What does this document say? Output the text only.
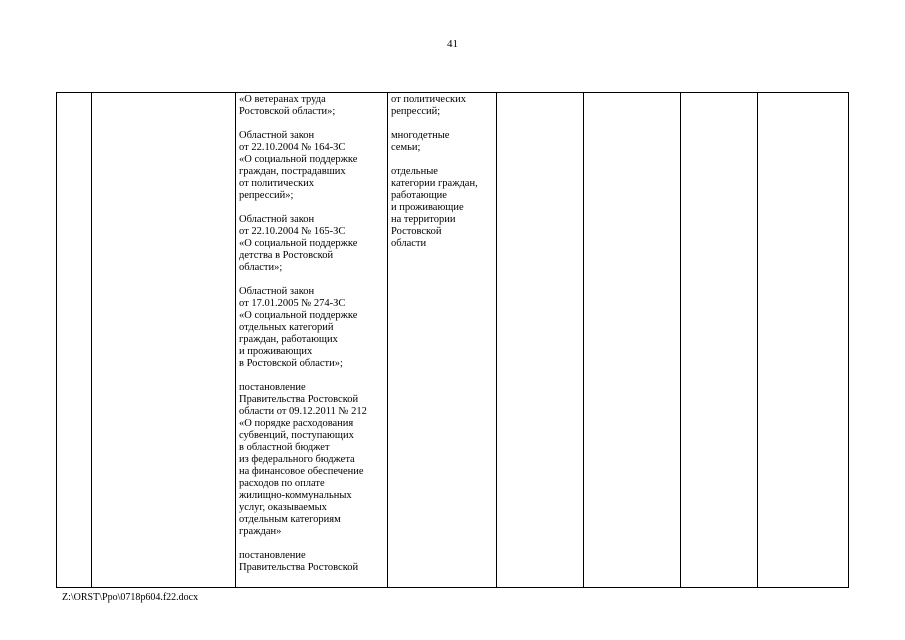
41
		«О ветеранах труда
Ростовской области»;

Областной закон
от 22.10.2004 № 164-ЗС
«О социальной поддержке
граждан, пострадавших
от политических
репрессий»;

Областной закон
от 22.10.2004 № 165-ЗС
«О социальной поддержке
детства в Ростовской
области»;

Областной закон
от 17.01.2005 № 274-ЗС
«О социальной поддержке
отдельных категорий
граждан, работающих
и проживающих
в Ростовской области»;

постановление
Правительства Ростовской
области от 09.12.2011 № 212
«О порядке расходования
субвенций, поступающих
в областной бюджет
из федерального бюджета
на финансовое обеспечение
расходов по оплате
жилищно-коммунальных
услуг, оказываемых
отдельным категориям
граждан»

постановление
Правительства Ростовской	от политических
репрессий;

многодетные
семьи;

отдельные
категории граждан,
работающие
и проживающие
на территории
Ростовской
области				
Z:\ORST\Ppo\0718p604.f22.docx
